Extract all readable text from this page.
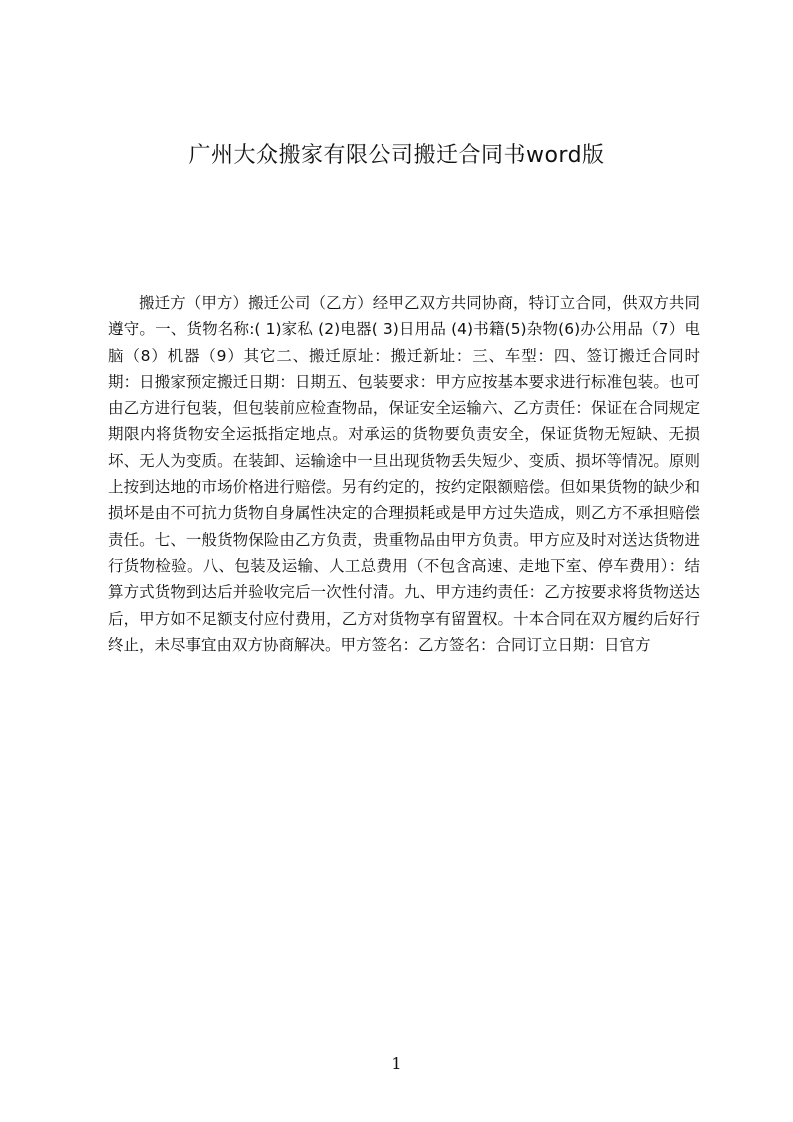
广州大众搬家有限公司搬迁合同书word版

搬迁方（甲方）搬迁公司（乙方）经甲乙双方共同协商，特订立合同，供双方共同遵守。一、货物名称:( 1)家私 (2)电器( 3)日用品 (4)书籍(5)杂物(6)办公用品（7）电脑（8）机器（9）其它二、搬迁原址：搬迁新址：三、车型：四、签订搬迁合同时期：日搬家预定搬迁日期：日期五、包装要求：甲方应按基本要求进行标准包装。也可由乙方进行包装，但包装前应检查物品，保证安全运输六、乙方责任：保证在合同规定期限内将货物安全运抵指定地点。对承运的货物要负责安全，保证货物无短缺、无损坏、无人为变质。在装卸、运输途中一旦出现货物丢失短少、变质、损坏等情况。原则上按到达地的市场价格进行赔偿。另有约定的，按约定限额赔偿。但如果货物的缺少和损坏是由不可抗力货物自身属性决定的合理损耗或是甲方过失造成，则乙方不承担赔偿责任。七、一般货物保险由乙方负责，贵重物品由甲方负责。甲方应及时对送达货物进行货物检验。八、包装及运输、人工总费用（不包含高速、走地下室、停车费用）：结算方式货物到达后并验收完后一次性付清。九、甲方违约责任：乙方按要求将货物送达后，甲方如不足额支付应付费用，乙方对货物享有留置权。十本合同在双方履约后好行终止，未尽事宜由双方协商解决。甲方签名：乙方签名：合同订立日期：日官方

1
